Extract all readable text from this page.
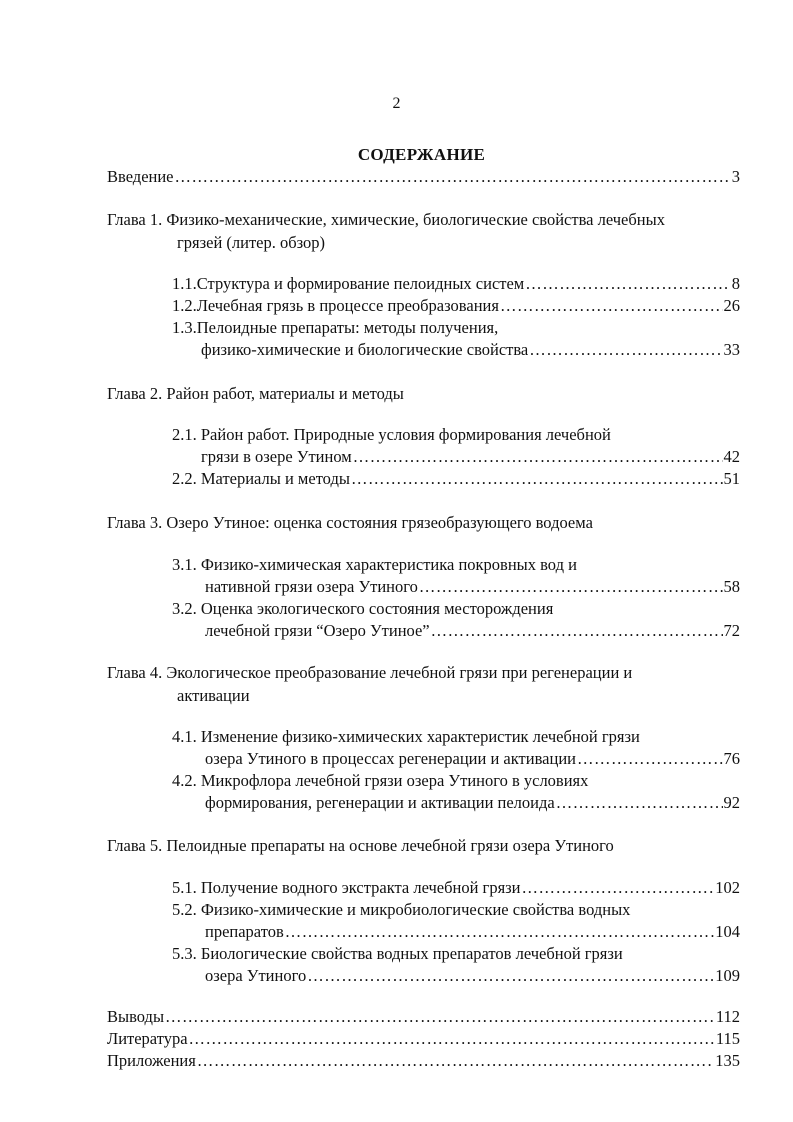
2
СОДЕРЖАНИЕ
Введение …………………………………………………………………………………………………………………………………………………………………………………………………………	3
Глава 1. Физико-механические, химические, биологические свойства лечебных
грязей (литер. обзор)
1.1.Структура и формирование пелоидных систем …………………………………………………………………………………………………………………………………………………………………………………………………………	8
1.2.Лечебная грязь в процессе преобразования …………………………………………………………………………………………………………………………………………………………………………………………………………	26
1.3.Пелоидные препараты: методы получения,
физико-химические и биологические свойства …………………………………………………………………………………………………………………………………………………………………………………………………………	33
Глава 2. Район работ, материалы и методы
2.1. Район работ. Природные условия формирования лечебной
грязи в озере Утином …………………………………………………………………………………………………………………………………………………………………………………………………………	42
2.2. Материалы и методы …………………………………………………………………………………………………………………………………………………………………………………………………………	51
Глава 3. Озеро Утиное: оценка состояния грязеобразующего водоема
3.1. Физико-химическая характеристика покровных вод и
нативной грязи озера Утиного …………………………………………………………………………………………………………………………………………………………………………………………………………	58
3.2. Оценка экологического состояния месторождения
лечебной грязи “Озеро Утиное” …………………………………………………………………………………………………………………………………………………………………………………………………………	72
Глава 4. Экологическое преобразование лечебной грязи при регенерации и
активации
4.1. Изменение физико-химических характеристик лечебной грязи
озера Утиного в процессах регенерации и активации …………………………………………………………………………………………………………………………………………………………………………………………………………	76
4.2. Микрофлора лечебной грязи озера Утиного в условиях
формирования, регенерации и активации пелоида …………………………………………………………………………………………………………………………………………………………………………………………………………	92
Глава 5. Пелоидные препараты на основе лечебной грязи озера Утиного
5.1. Получение водного экстракта лечебной грязи …………………………………………………………………………………………………………………………………………………………………………………………………………	102
5.2. Физико-химические и микробиологические свойства водных
препаратов …………………………………………………………………………………………………………………………………………………………………………………………………………	104
5.3. Биологические свойства водных препаратов лечебной грязи
озера Утиного …………………………………………………………………………………………………………………………………………………………………………………………………………	109
Выводы …………………………………………………………………………………………………………………………………………………………………………………………………………	112
Литература …………………………………………………………………………………………………………………………………………………………………………………………………………	115
Приложения …………………………………………………………………………………………………………………………………………………………………………………………………………	135
